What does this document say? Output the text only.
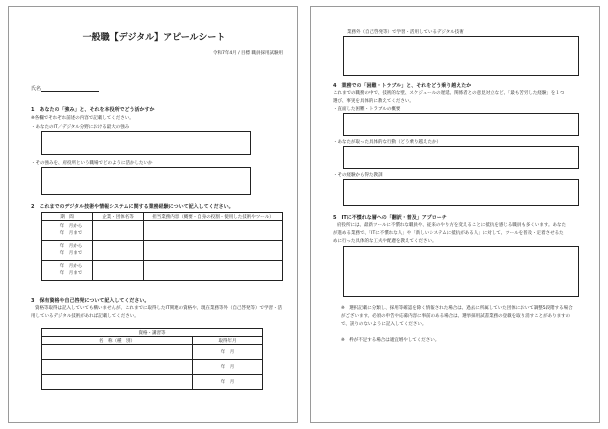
一般職【デジタル】アピールシート
令和7年4月 / 目標 職員採用試験用
氏名
1　あなたの「強み」と、それを本役所でどう活かすか
※各欄でそれぞれ前述の内容で記載してください。
・あなたのIT／デジタル分野における最大の強み
・その強みを、府役所という職場でどのように活かしたいか
2　これまでのデジタル技術や情報システムに関する業務経験について記入してください。
期　間	企業・団体名等	担当業務内容（概要・自身の役割・使用した技術やツール）

年　月から
年　月まで		

年　月から
年　月まで		

年　月から
年　月まで		

3　保有資格や自己啓発について記入してください。
資格等取得は記入していても構いませんが、これまでに取得したIT関連の資格や、現在業務等外（自己啓発等）で学習・活
用しているデジタル技術があれば記載してください。
資格・講習等	
名　称（種　別）	取得年月
	年　月
	年　月
	年　月
業務外（自己啓発等）で学習・活用しているデジタル技術
4　業務での「困難・トラブル」と、それをどう乗り越えたか
これまでの職務の中で、技術的な壁、スケジュールの遅延、関係者との意見対立など、「最も苦労した経験」を１つ
選び、事実を具体的に教えてください。
・直面した困難・トラブルの概要
・あなたが取った具体的な行動（どう乗り越えたか）
・その経験から得た教訓
5　ITに不慣れな層への「翻訳・普及」アプローチ
府役所には、最新ツールに不慣れな職員や、従来のやり方を変えることに抵抗を感じる職員も多くいます。あなた
が進める業務で、「ITに不慣れな人」や「新しいシステムに抵抗がある人」に対して、ツールを普及・定着させるた
めに行った具体的な工夫や配慮を教えてください。
※　選択記載に分類し、採用等確認を除く情報された場合は、過去に所属していた団体において調整5段階する場合がございます。必須の申告や応募内容に事前のある場合は、選挙採用試書業務の登載を取り消すことがありますので、誤りのないように記入してください。
※　枠が不足する場合は適宜増やしてください。
